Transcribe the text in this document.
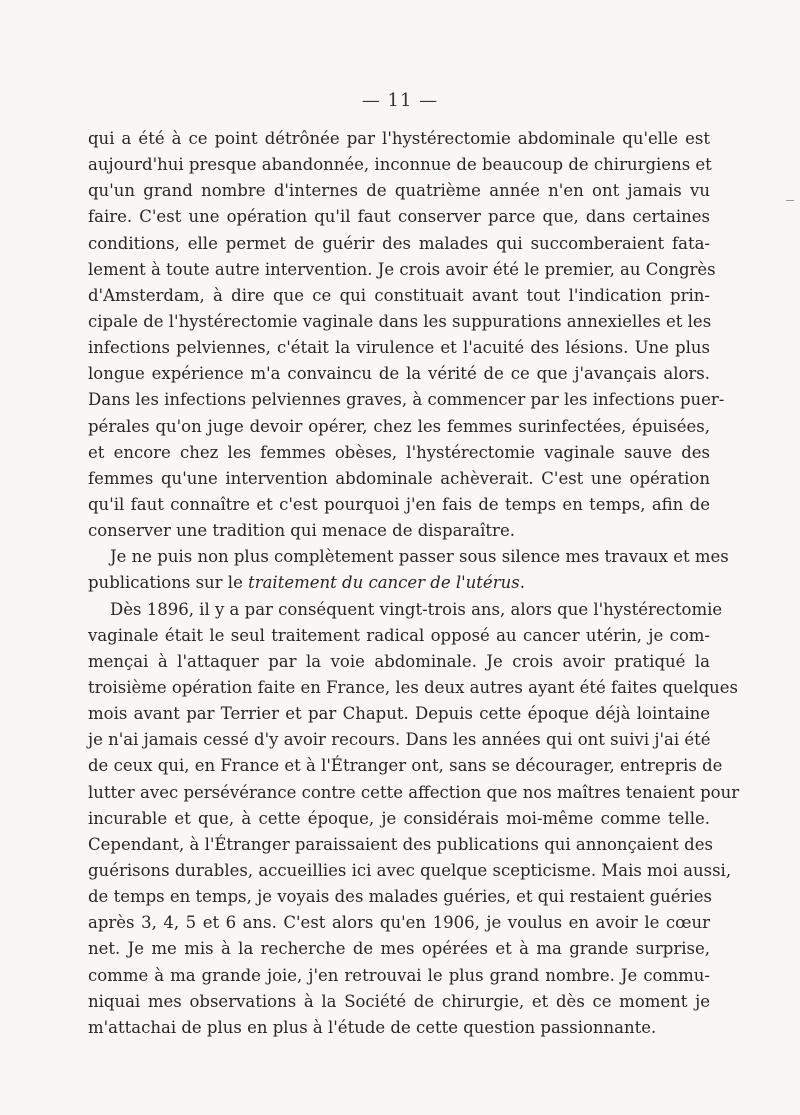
— 11 —
qui a été à ce point détrônée par l'hystérectomie abdominale qu'elle est
aujourd'hui presque abandonnée, inconnue de beaucoup de chirurgiens et
qu'un grand nombre d'internes de quatrième année n'en ont jamais vu
faire. C'est une opération qu'il faut conserver parce que, dans certaines
conditions, elle permet de guérir des malades qui succomberaient fata-
lement à toute autre intervention. Je crois avoir été le premier, au Congrès
d'Amsterdam, à dire que ce qui constituait avant tout l'indication prin-
cipale de l'hystérectomie vaginale dans les suppurations annexielles et les
infections pelviennes, c'était la virulence et l'acuité des lésions. Une plus
longue expérience m'a convaincu de la vérité de ce que j'avançais alors.
Dans les infections pelviennes graves, à commencer par les infections puer-
pérales qu'on juge devoir opérer, chez les femmes surinfectées, épuisées,
et encore chez les femmes obèses, l'hystérectomie vaginale sauve des
femmes qu'une intervention abdominale achèverait. C'est une opération
qu'il faut connaître et c'est pourquoi j'en fais de temps en temps, afin de
conserver une tradition qui menace de disparaître.
Je ne puis non plus complètement passer sous silence mes travaux et mes
publications sur le traitement du cancer de l'utérus.
Dès 1896, il y a par conséquent vingt-trois ans, alors que l'hystérectomie
vaginale était le seul traitement radical opposé au cancer utérin, je com-
mençai à l'attaquer par la voie abdominale. Je crois avoir pratiqué la
troisième opération faite en France, les deux autres ayant été faites quelques
mois avant par Terrier et par Chaput. Depuis cette époque déjà lointaine
je n'ai jamais cessé d'y avoir recours. Dans les années qui ont suivi j'ai été
de ceux qui, en France et à l'Étranger ont, sans se décourager, entrepris de
lutter avec persévérance contre cette affection que nos maîtres tenaient pour
incurable et que, à cette époque, je considérais moi-même comme telle.
Cependant, à l'Étranger paraissaient des publications qui annonçaient des
guérisons durables, accueillies ici avec quelque scepticisme. Mais moi aussi,
de temps en temps, je voyais des malades guéries, et qui restaient guéries
après 3, 4, 5 et 6 ans. C'est alors qu'en 1906, je voulus en avoir le cœur
net. Je me mis à la recherche de mes opérées et à ma grande surprise,
comme à ma grande joie, j'en retrouvai le plus grand nombre. Je commu-
niquai mes observations à la Société de chirurgie, et dès ce moment je
m'attachai de plus en plus à l'étude de cette question passionnante.
